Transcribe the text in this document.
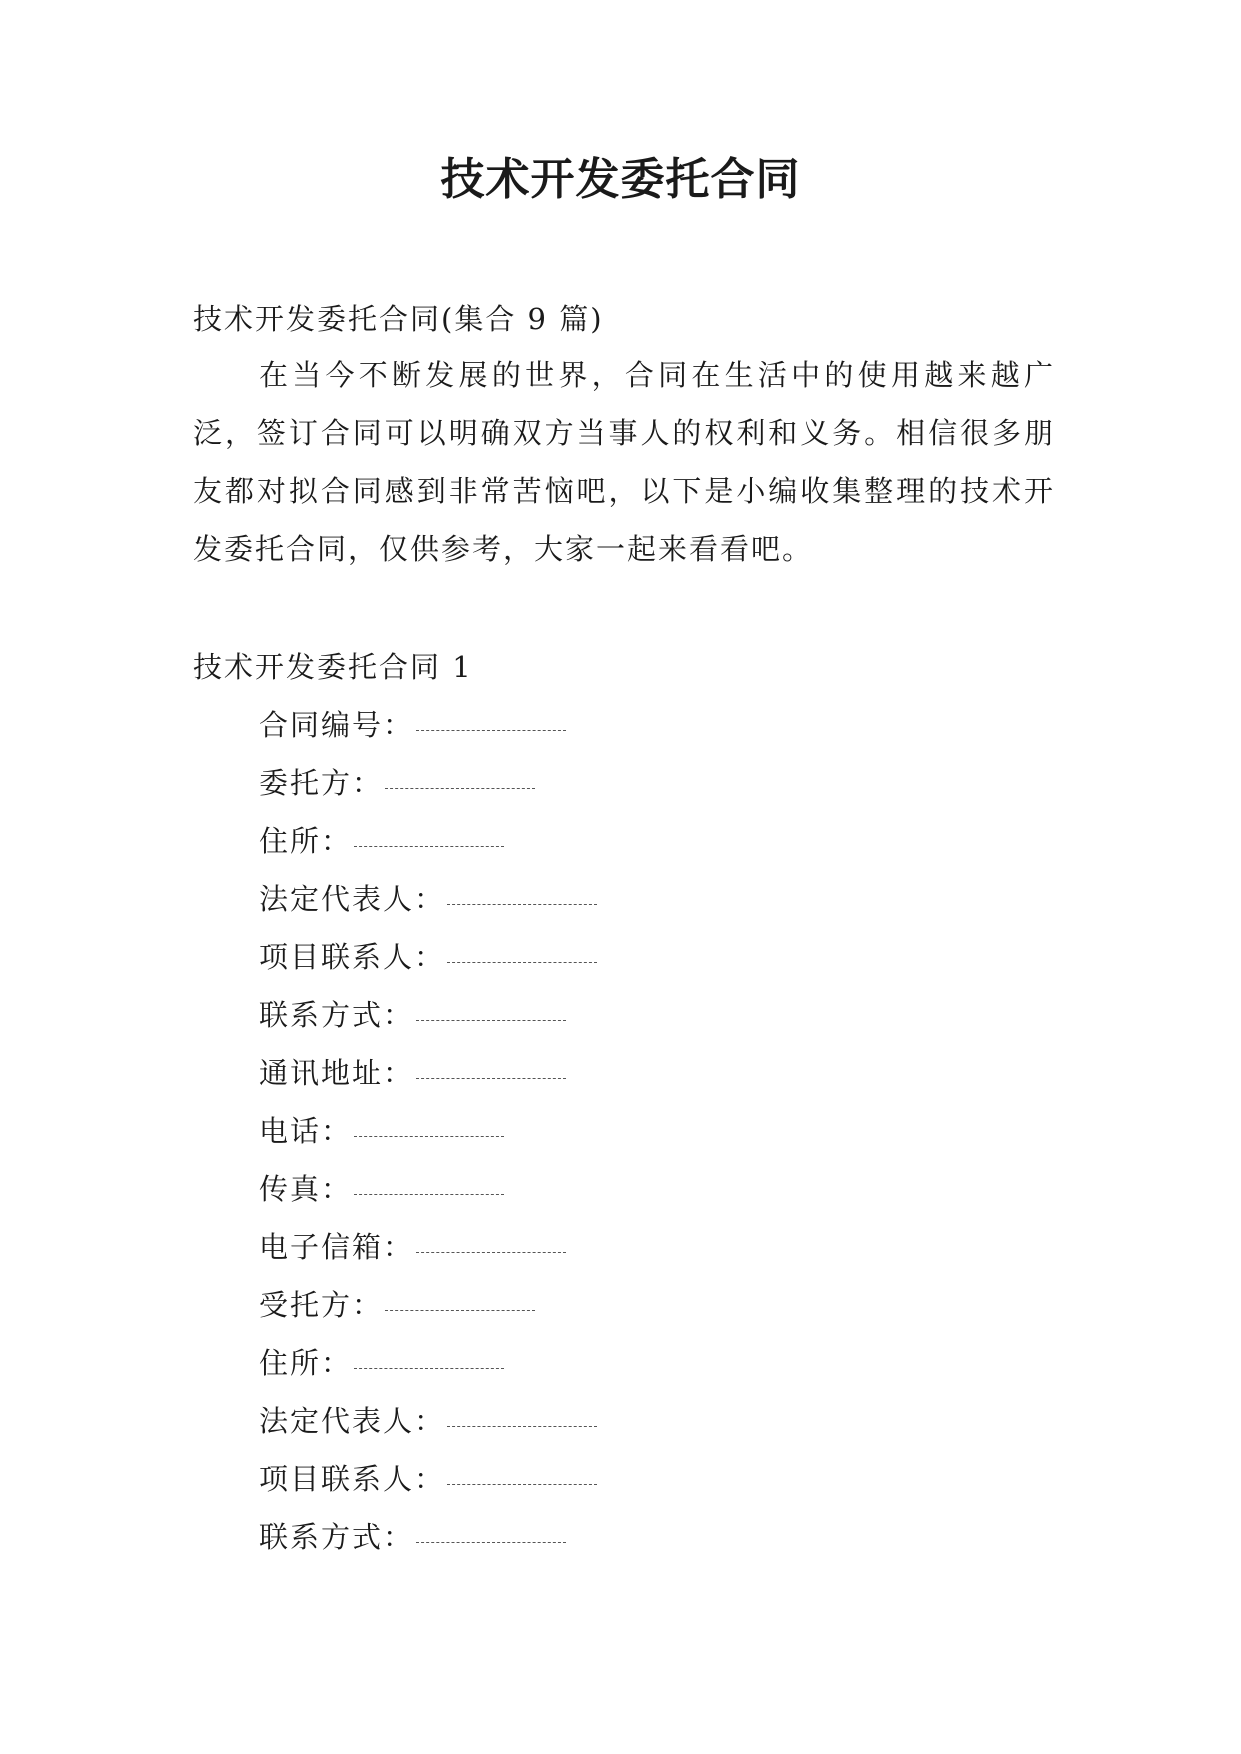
技术开发委托合同

技术开发委托合同(集合 9 篇)

在当今不断发展的世界，合同在生活中的使用越来越广泛，签订合同可以明确双方当事人的权利和义务。相信很多朋友都对拟合同感到非常苦恼吧，以下是小编收集整理的技术开发委托合同，仅供参考，大家一起来看看吧。

技术开发委托合同 1

合同编号：
委托方：
住所：
法定代表人：
项目联系人：
联系方式：
通讯地址：
电话：
传真：
电子信箱：
受托方：
住所：
法定代表人：
项目联系人：
联系方式：
